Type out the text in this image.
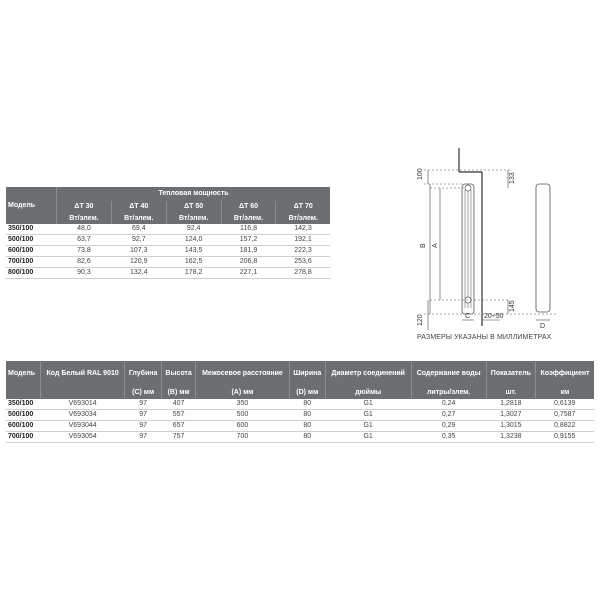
Модель	Тепловая мощность				
	ΔT 30	ΔT 40	ΔT 50	ΔT 60	ΔT 70
	Вт/элем.	Вт/элем.	Вт/элем.	Вт/элем.	Вт/элем.
350/100	48,0	69,4	92,4	116,8	142,3
500/100	63,7	92,7	124,0	157,2	192,1
600/100	73,8	107,3	143,5	181,9	222,3
700/100	82,6	120,9	162,5	206,8	253,6
800/100	90,3	132,4	178,2	227,1	278,8
100	133
B A
120	C 20÷50
145
D
РАЗМЕРЫ УКАЗАНЫ В МИЛЛИМЕТРАХ
Модель	Код Белый RAL 9010	Глубина	Высота	Межосевое расстояние	Ширина	Диаметр соединений	Содержание воды	Показатель	Коэффициент
		(C) мм	(B) мм	(A) мм	(D) мм	дюймы	литры/элем.	шт.	км
350/100	V693014	97	407	350	80	G1	0,24	1,2818	0,6139
500/100	V693034	97	557	500	80	G1	0,27	1,3027	0,7587
600/100	V693044	97	657	600	80	G1	0,29	1,3015	0,8822
700/100	V693054	97	757	700	80	G1	0,35	1,3238	0,9155
